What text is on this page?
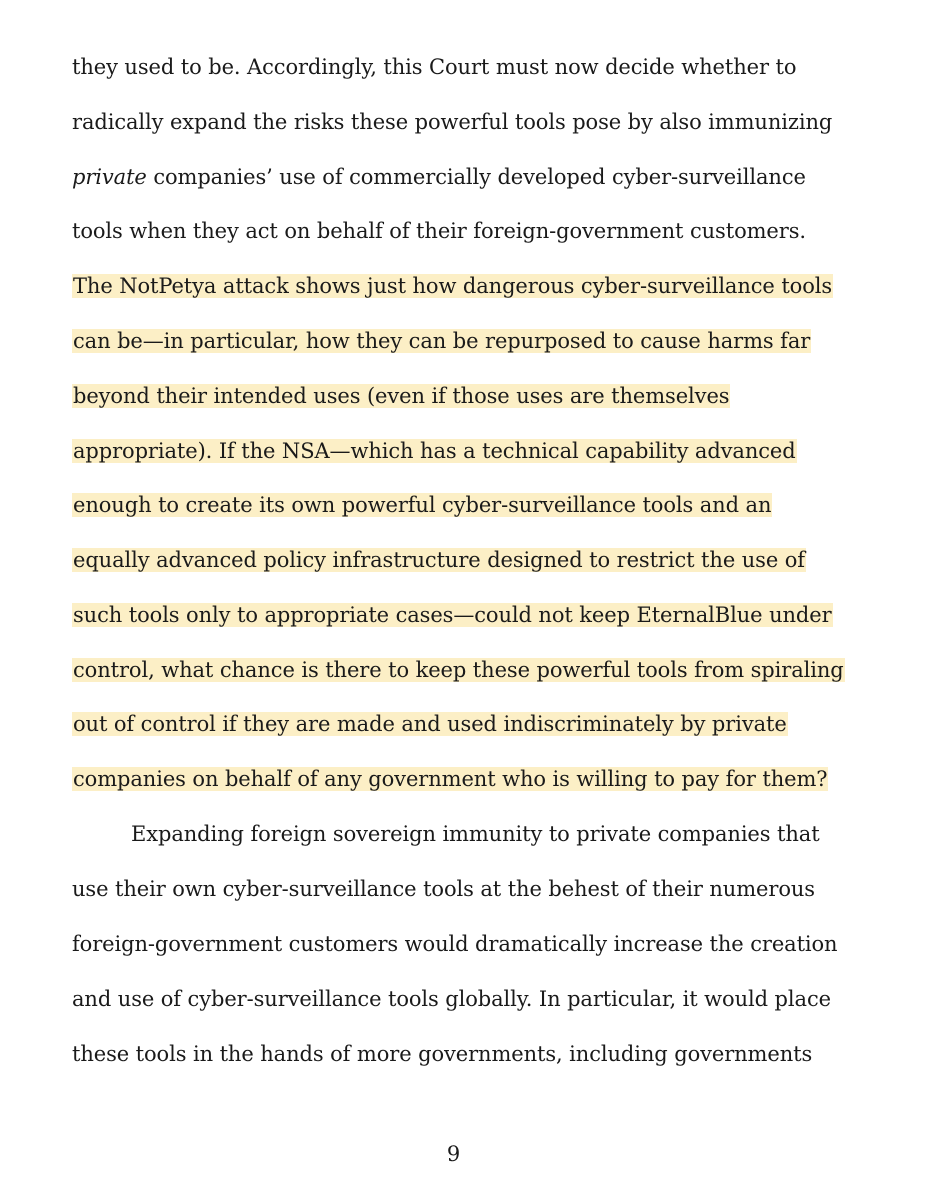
they used to be. Accordingly, this Court must now decide whether to
radically expand the risks these powerful tools pose by also immunizing
private companies’ use of commercially developed cyber-surveillance
tools when they act on behalf of their foreign-government customers.
The NotPetya attack shows just how dangerous cyber-surveillance tools
can be—in particular, how they can be repurposed to cause harms far
beyond their intended uses (even if those uses are themselves
appropriate). If the NSA—which has a technical capability advanced
enough to create its own powerful cyber-surveillance tools and an
equally advanced policy infrastructure designed to restrict the use of
such tools only to appropriate cases—could not keep EternalBlue under
control, what chance is there to keep these powerful tools from spiraling
out of control if they are made and used indiscriminately by private
companies on behalf of any government who is willing to pay for them?
Expanding foreign sovereign immunity to private companies that
use their own cyber-surveillance tools at the behest of their numerous
foreign-government customers would dramatically increase the creation
and use of cyber-surveillance tools globally. In particular, it would place
these tools in the hands of more governments, including governments
9
